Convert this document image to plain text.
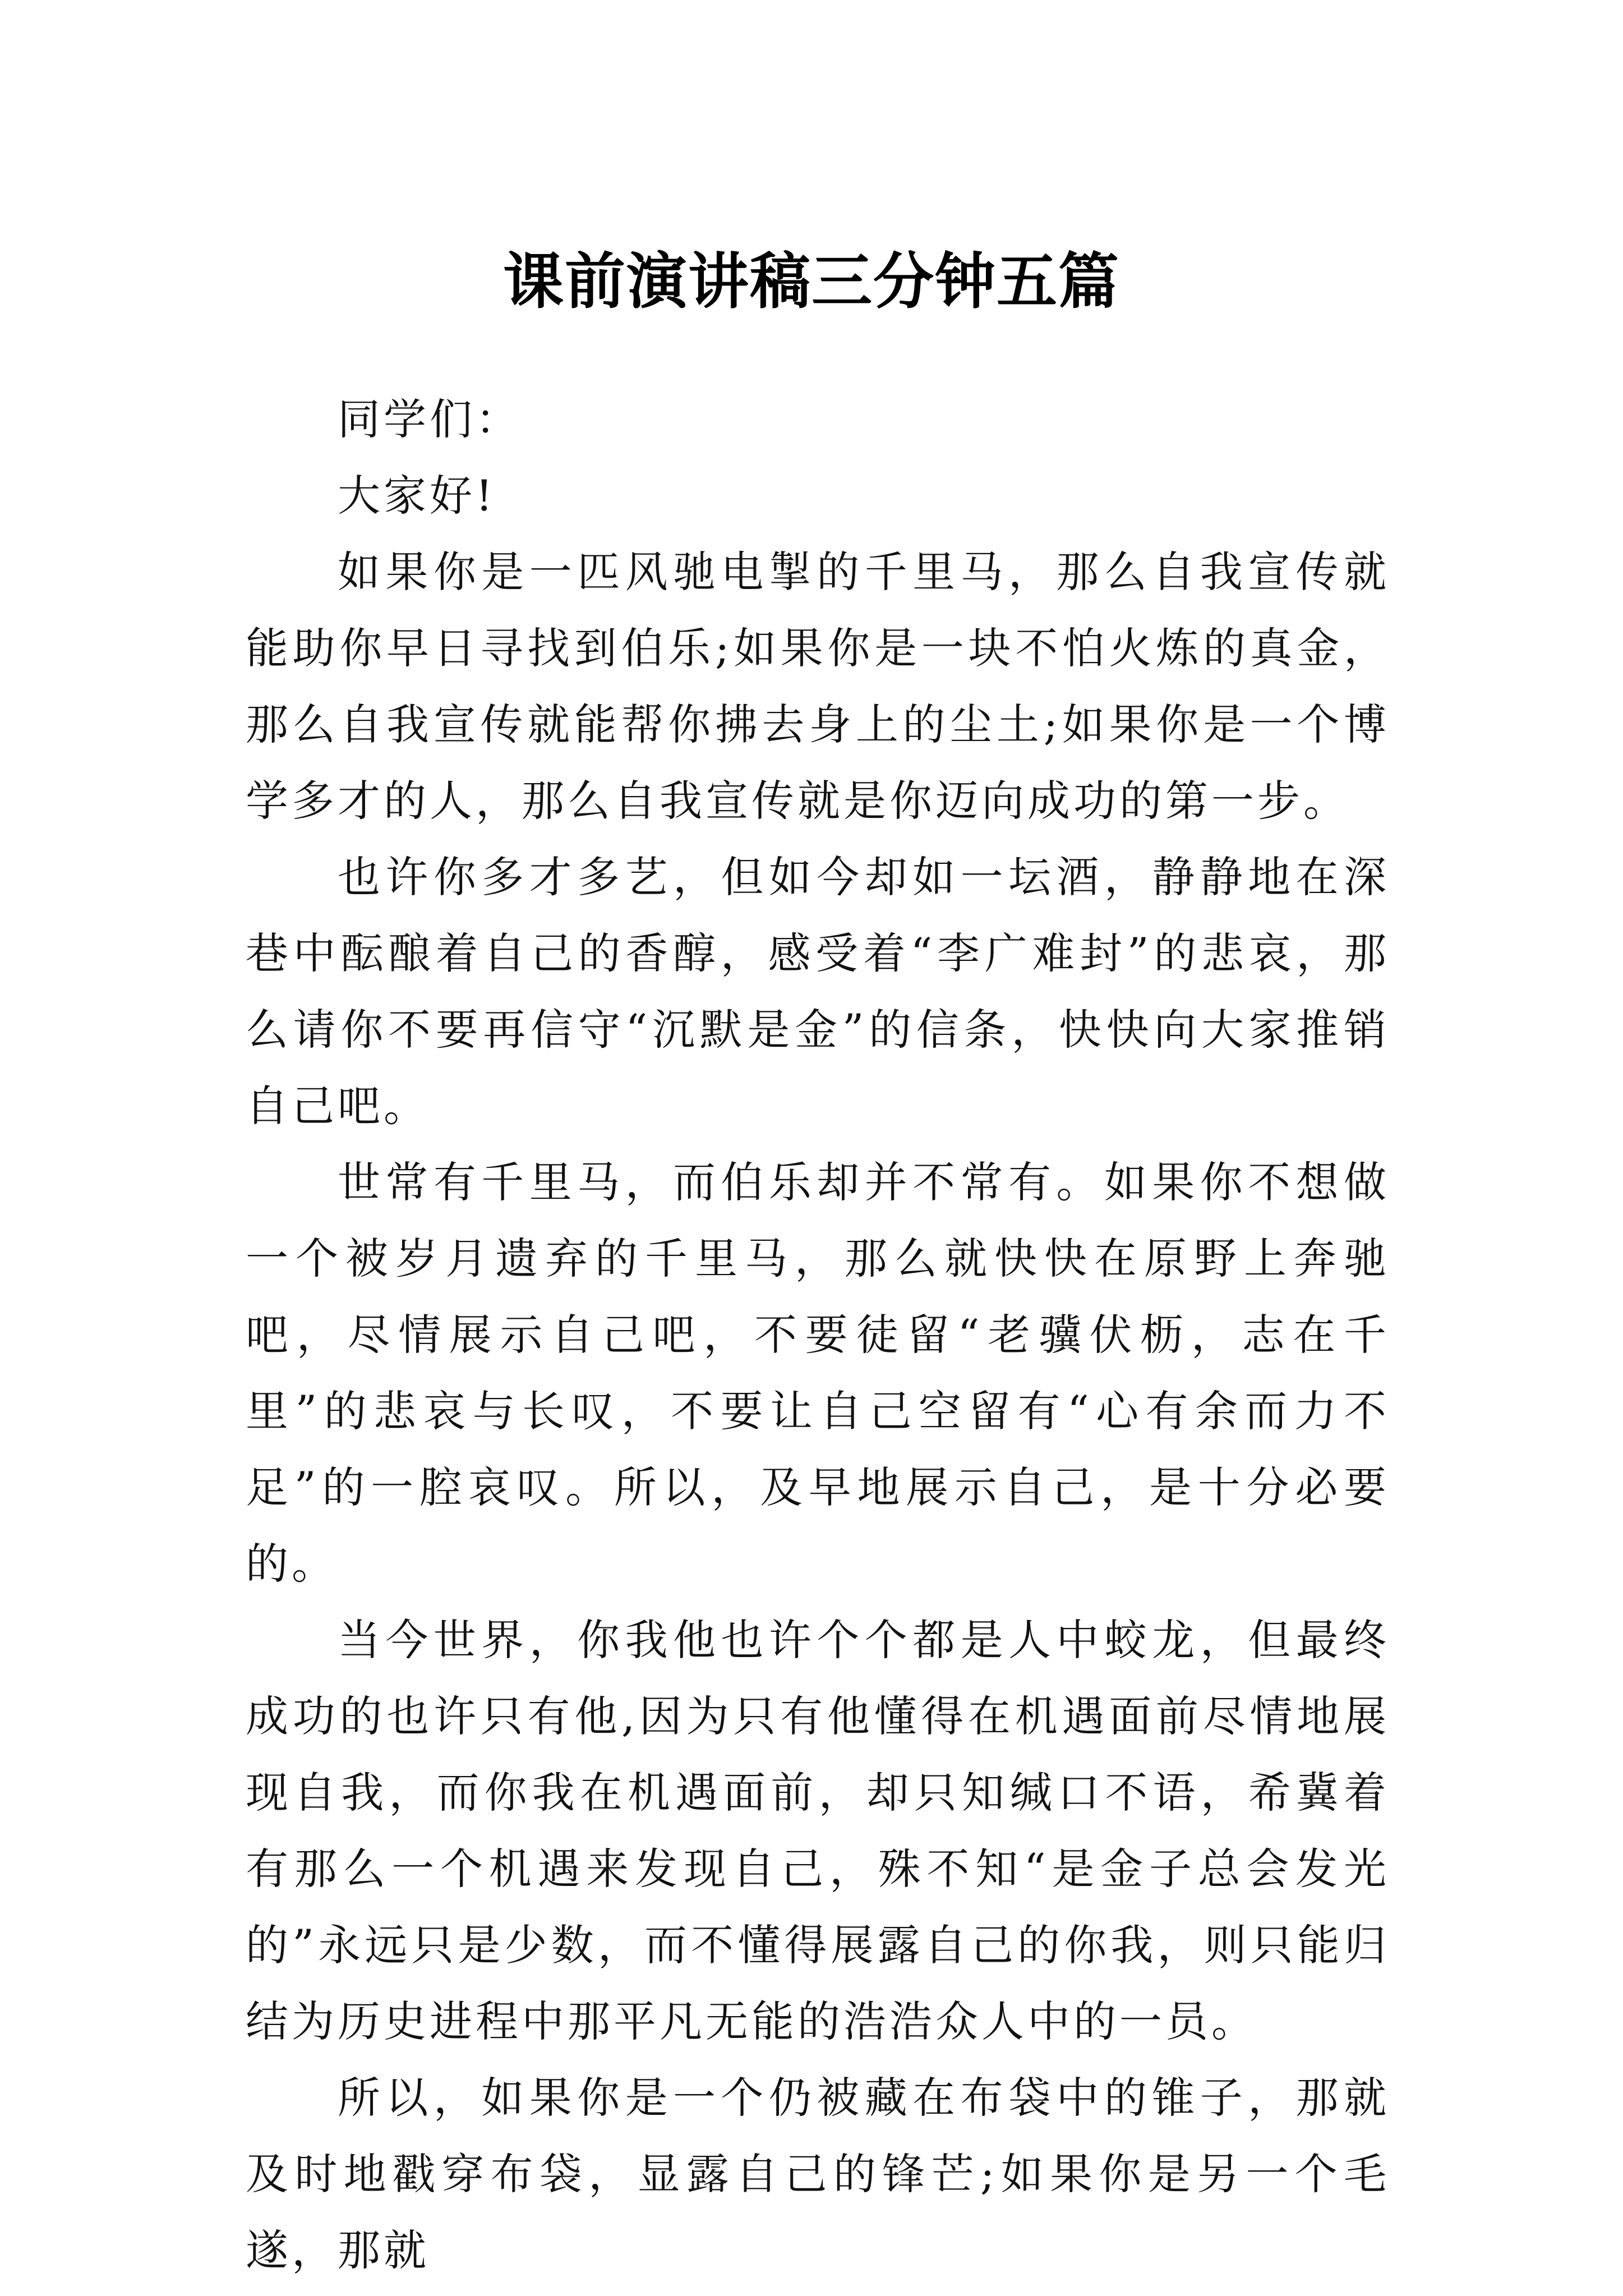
课前演讲稿三分钟五篇

同学们：

大家好!

如果你是一匹风驰电掣的千里马，那么自我宣传就能助你早日寻找到伯乐;如果你是一块不怕火炼的真金，那么自我宣传就能帮你拂去身上的尘土;如果你是一个博学多才的人，那么自我宣传就是你迈向成功的第一步。

也许你多才多艺，但如今却如一坛酒，静静地在深巷中酝酿着自己的香醇，感受着“李广难封”的悲哀，那么请你不要再信守“沉默是金”的信条，快快向大家推销自己吧。

世常有千里马，而伯乐却并不常有。如果你不想做一个被岁月遗弃的千里马，那么就快快在原野上奔驰吧，尽情展示自己吧，不要徒留“老骥伏枥，志在千里”的悲哀与长叹，不要让自己空留有“心有余而力不足”的一腔哀叹。所以，及早地展示自己，是十分必要的。

当今世界，你我他也许个个都是人中蛟龙，但最终成功的也许只有他,因为只有他懂得在机遇面前尽情地展现自我，而你我在机遇面前，却只知缄口不语，希冀着有那么一个机遇来发现自己，殊不知“是金子总会发光的”永远只是少数，而不懂得展露自己的你我，则只能归结为历史进程中那平凡无能的浩浩众人中的一员。

所以，如果你是一个仍被藏在布袋中的锥子，那就及时地戳穿布袋，显露自己的锋芒;如果你是另一个毛遂，那就
